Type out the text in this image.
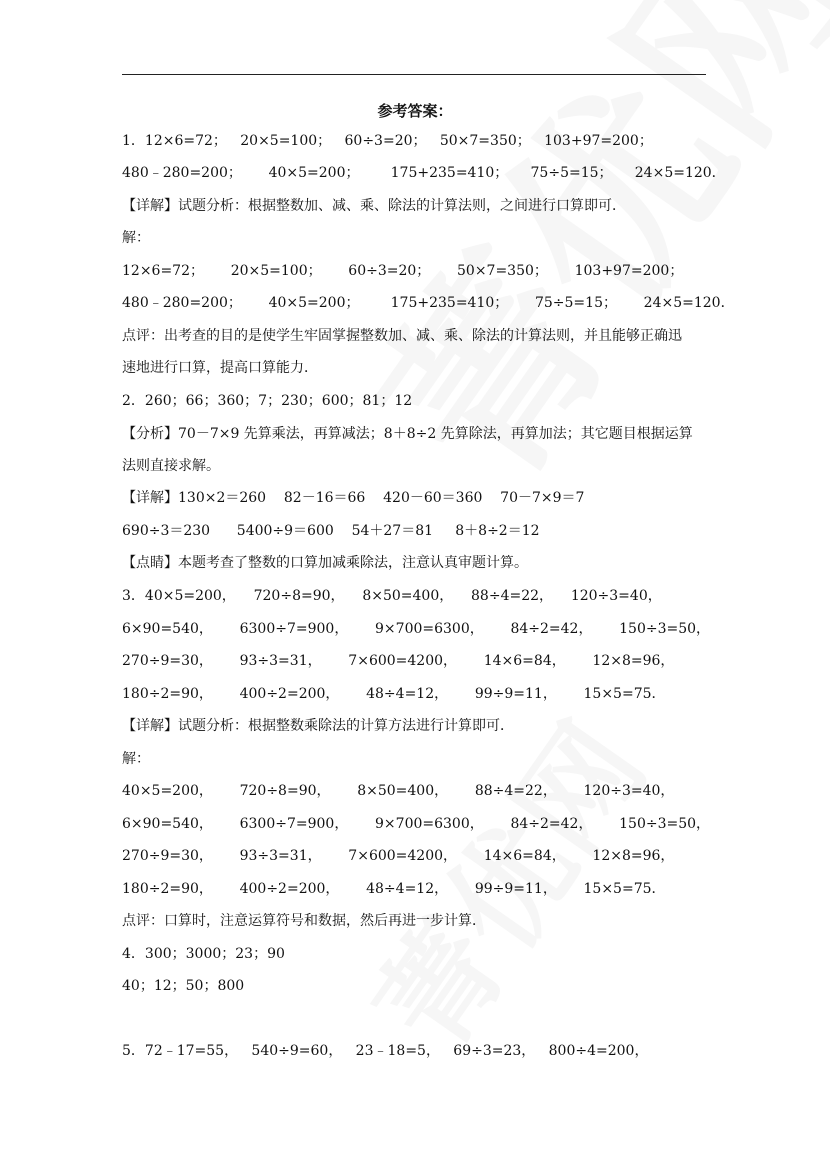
参考答案：
1．12×6=72；   20×5=100；   60÷3=20；   50×7=350；   103+97=200；
480﹣280=200；      40×5=200；       175+235=410；     75÷5=15；     24×5=120．
【详解】试题分析：根据整数加、减、乘、除法的计算法则，之间进行口算即可．
解：
12×6=72；      20×5=100；      60÷3=20；      50×7=350；      103+97=200；
480﹣280=200；      40×5=200；       175+235=410；      75÷5=15；      24×5=120．
点评：出考查的目的是使学生牢固掌握整数加、减、乘、除法的计算法则，并且能够正确迅
速地进行口算，提高口算能力．
2．260；66；360；7；230；600；81；12
【分析】70－7×9 先算乘法，再算减法；8＋8÷2 先算除法，再算加法；其它题目根据运算
法则直接求解。
【详解】130×2＝260    82－16＝66    420－60＝360    70－7×9＝7
690÷3＝230      5400÷9＝600    54＋27＝81     8＋8÷2＝12
【点睛】本题考查了整数的口算加减乘除法，注意认真审题计算。
3．40×5=200，    720÷8=90，    8×50=400，    88÷4=22，    120÷3=40，
6×90=540，      6300÷7=900，      9×700=6300，      84÷2=42，      150÷3=50，
270÷9=30，      93÷3=31，      7×600=4200，      14×6=84，      12×8=96，
180÷2=90，      400÷2=200，      48÷4=12，      99÷9=11，      15×5=75．
【详解】试题分析：根据整数乘除法的计算方法进行计算即可．
解：
40×5=200，      720÷8=90，      8×50=400，      88÷4=22，      120÷3=40，
6×90=540，      6300÷7=900，      9×700=6300，      84÷2=42，      150÷3=50，
270÷9=30，      93÷3=31，      7×600=4200，      14×6=84，      12×8=96，
180÷2=90，      400÷2=200，      48÷4=12，      99÷9=11，      15×5=75．
点评：口算时，注意运算符号和数据，然后再进一步计算．
4．300；3000；23；90
40；12；50；800
5．72﹣17=55，   540÷9=60，   23﹣18=5，   69÷3=23，   800÷4=200，
